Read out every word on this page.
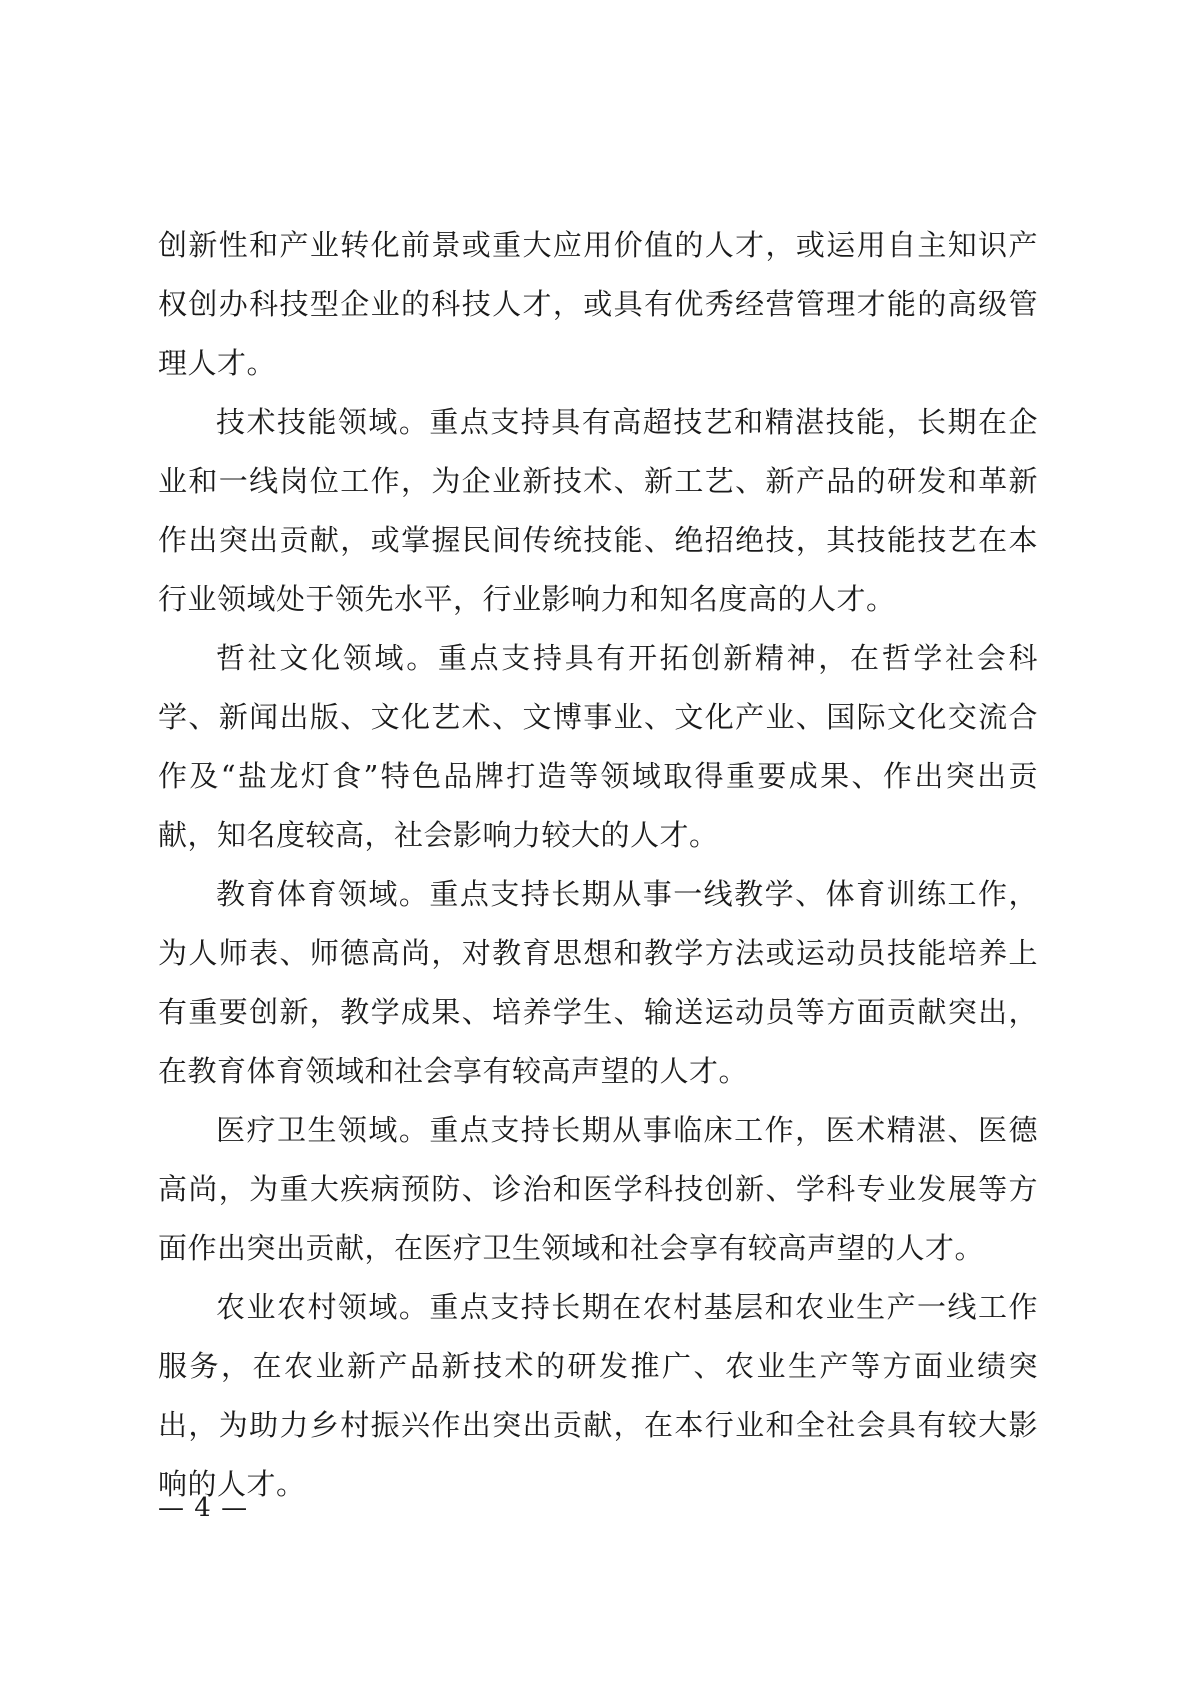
创新性和产业转化前景或重大应用价值的人才，或运用自主知识产权创办科技型企业的科技人才，或具有优秀经营管理才能的高级管理人才。

技术技能领域。重点支持具有高超技艺和精湛技能，长期在企业和一线岗位工作，为企业新技术、新工艺、新产品的研发和革新作出突出贡献，或掌握民间传统技能、绝招绝技，其技能技艺在本行业领域处于领先水平，行业影响力和知名度高的人才。

哲社文化领域。重点支持具有开拓创新精神，在哲学社会科学、新闻出版、文化艺术、文博事业、文化产业、国际文化交流合作及“盐龙灯食”特色品牌打造等领域取得重要成果、作出突出贡献，知名度较高，社会影响力较大的人才。

教育体育领域。重点支持长期从事一线教学、体育训练工作，为人师表、师德高尚，对教育思想和教学方法或运动员技能培养上有重要创新，教学成果、培养学生、输送运动员等方面贡献突出，在教育体育领域和社会享有较高声望的人才。

医疗卫生领域。重点支持长期从事临床工作，医术精湛、医德高尚，为重大疾病预防、诊治和医学科技创新、学科专业发展等方面作出突出贡献，在医疗卫生领域和社会享有较高声望的人才。

农业农村领域。重点支持长期在农村基层和农业生产一线工作服务，在农业新产品新技术的研发推广、农业生产等方面业绩突出，为助力乡村振兴作出突出贡献，在本行业和全社会具有较大影响的人才。

— 4 —
